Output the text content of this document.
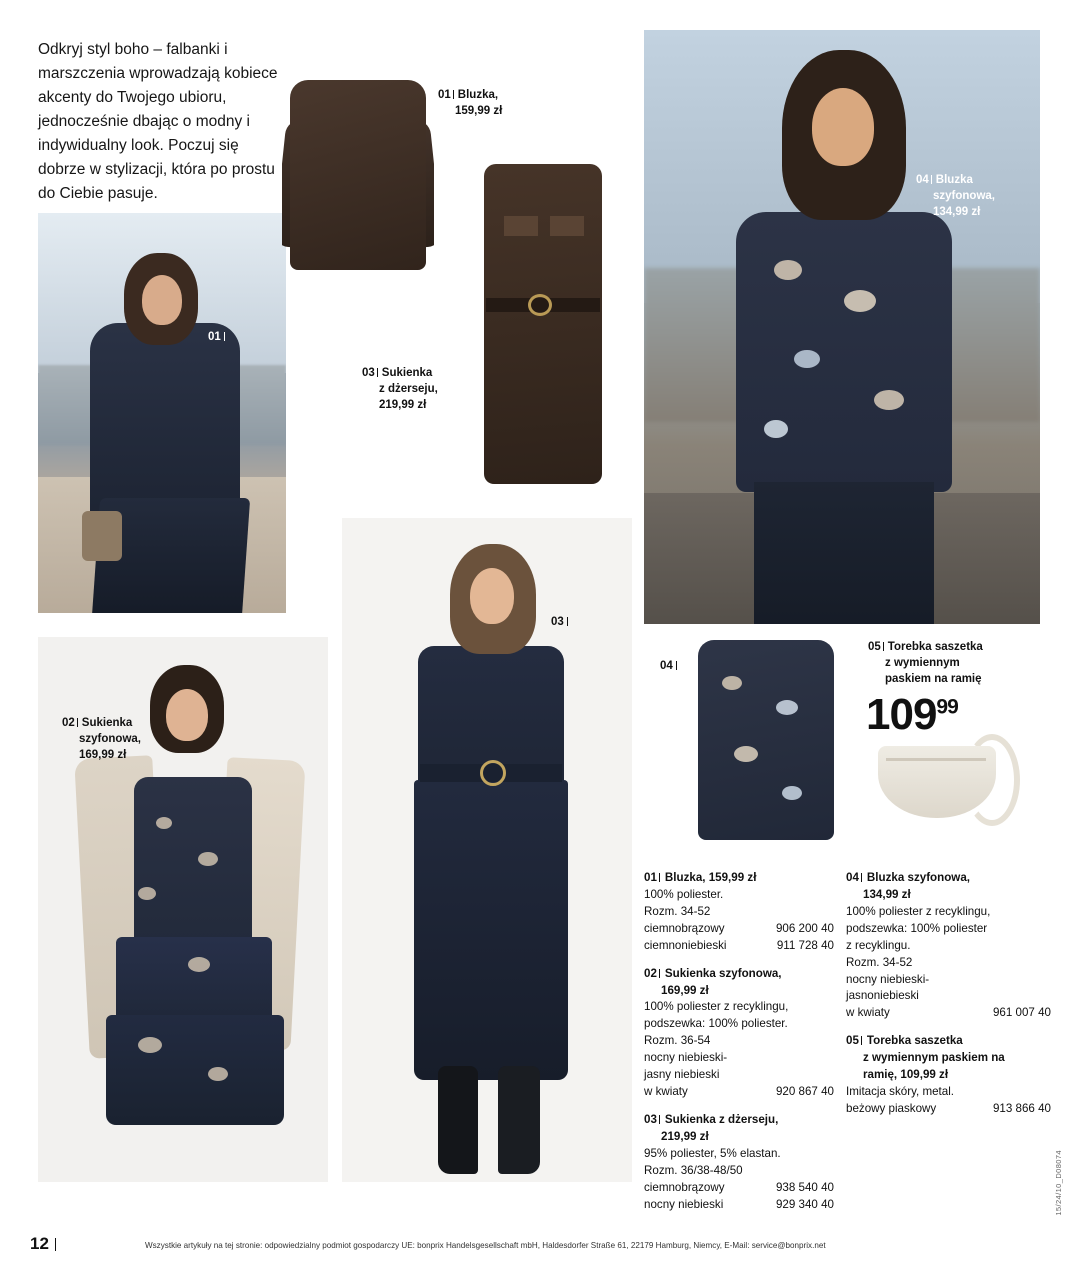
Odkryj styl boho – falbanki i marszczenia wprowadzają kobiece akcenty do Twojego ubioru, jednocześnie dbając o modny i indywidualny look. Poczuj się dobrze w stylizacji, która po prostu do Ciebie pasuje.
01
03
04
01 Bluzka,
159,99 zł
03 Sukienka
z dżerseju,
219,99 zł
04 Bluzka
szyfonowa,
134,99 zł
02 Sukienka
szyfonowa,
169,99 zł
05 Torebka saszetka
z wymiennym
paskiem na ramię
$109^{99}$
01 Bluzka, 159,99 zł
100% poliester.
Rozm. 34-52
ciemnobrązowy	906 200 40
ciemnoniebieski	911 728 40
02 Sukienka szyfonowa,
169,99 zł
100% poliester z recyklingu,
podszewka: 100% poliester.
Rozm. 36-54
nocny niebieski-
jasny niebieski
w kwiaty	920 867 40
03 Sukienka z dżerseju,
219,99 zł
95% poliester, 5% elastan.
Rozm. 36/38-48/50
ciemnobrązowy	938 540 40
nocny niebieski	929 340 40
04 Bluzka szyfonowa,
134,99 zł
100% poliester z recyklingu,
podszewka: 100% poliester
z recyklingu.
Rozm. 34-52
nocny niebieski-
jasnoniebieski
w kwiaty	961 007 40
05 Torebka saszetka
z wymiennym paskiem na
ramię, 109,99 zł
Imitacja skóry, metal.
beżowy piaskowy	913 866 40
12	Wszystkie artykuły na tej stronie: odpowiedzialny podmiot gospodarczy UE: bonprix Handelsgesellschaft mbH, Haldesdorfer Straße 61, 22179 Hamburg, Niemcy, E-Mail: service@bonprix.net
15/24/10_D08074
